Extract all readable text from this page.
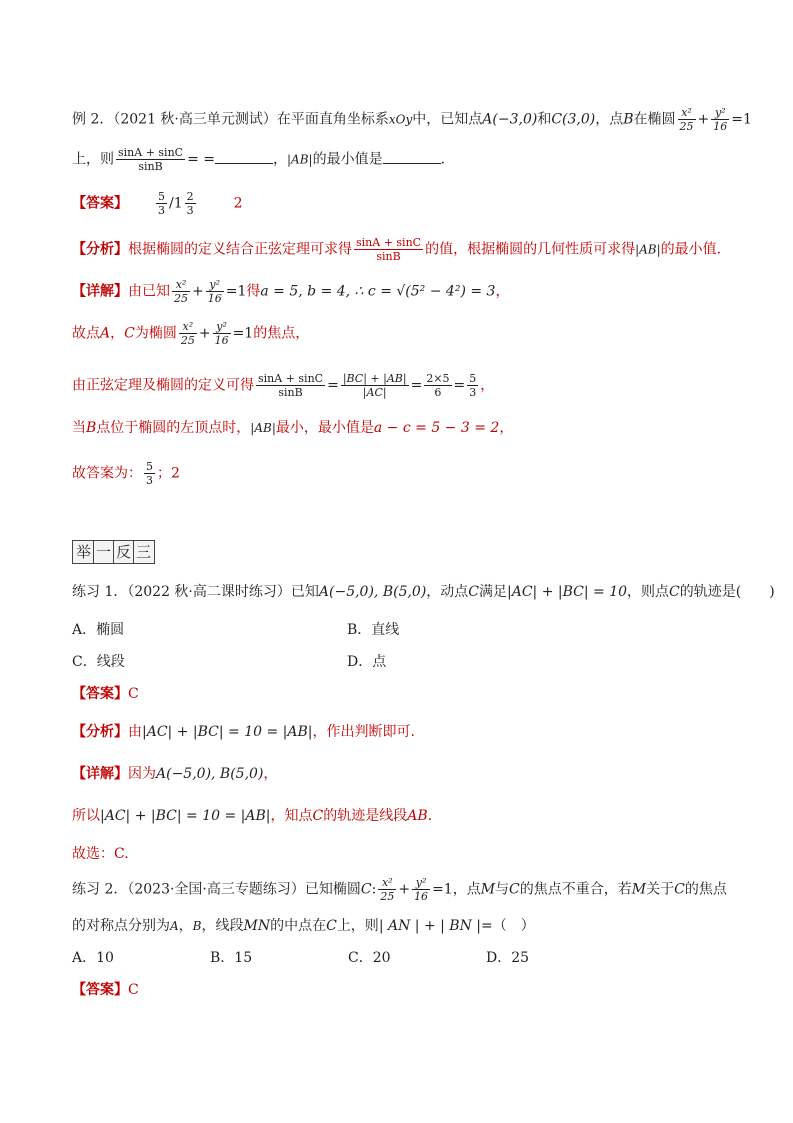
例 2．（2021 秋·高三单元测试）在平面直角坐标系xOy中，已知点A(−3,0)和C(3,0)，点B在椭圆 $\frac{\text{x²}}{25} + \frac{\text{y²}}{16} =1$
上，则 $\frac{\sin A + \sin C}{\sin B}$ = =	，|AB|的最小值是	．
【答案】	$\frac{5}{3} /1 \frac{2}{3}$	2
【分析】根据椭圆的定义结合正弦定理可求得 $\frac{\sin A + \sin C}{\sin B}$ 的值，根据椭圆的几何性质可求得|AB|的最小值.
【详解】由已知 $\frac{\text{x²}}{25} + \frac{\text{y²}}{16} =1$得a = 5, b = 4, ∴ c = √(5² − 4²) = 3，
故点A，C为椭圆 $\frac{\text{x²}}{25} + \frac{\text{y²}}{16} =1$的焦点，
由正弦定理及椭圆的定义可得 $\frac{\sin A + \sin C}{\sin B} = \frac{|BC| + |AB|}{|AC|} = \frac{2\times 5}{6} = \frac{5}{3}$ ，
当B点位于椭圆的左顶点时，|AB|最小，最小值是a − c = 5 − 3 = 2，
故答案为： $\frac{5}{3}$ ；2
举 一 反 三
练习 1．（2022 秋·高二课时练习）已知A(−5,0), B(5,0)，动点C满足|AC| + |BC| = 10，则点C的轨迹是(　　)
A．椭圆	B．直线
C．线段	D．点
【答案】C
【分析】由|AC| + |BC| = 10 = |AB|，作出判断即可.
【详解】因为A(−5,0), B(5,0)，
所以|AC| + |BC| = 10 = |AB|，知点C的轨迹是线段AB.
故选：C.
练习 2．（2023·全国·高三专题练习）已知椭圆C: $\frac{\text{x²}}{25} + \frac{\text{y²}}{16} =1$，点M与C的焦点不重合，若M关于C的焦点
的对称点分别为A，B，线段MN的中点在C上，则| AN | + | BN |=（　）
A．10	B．15	C．20	D．25
【答案】C
